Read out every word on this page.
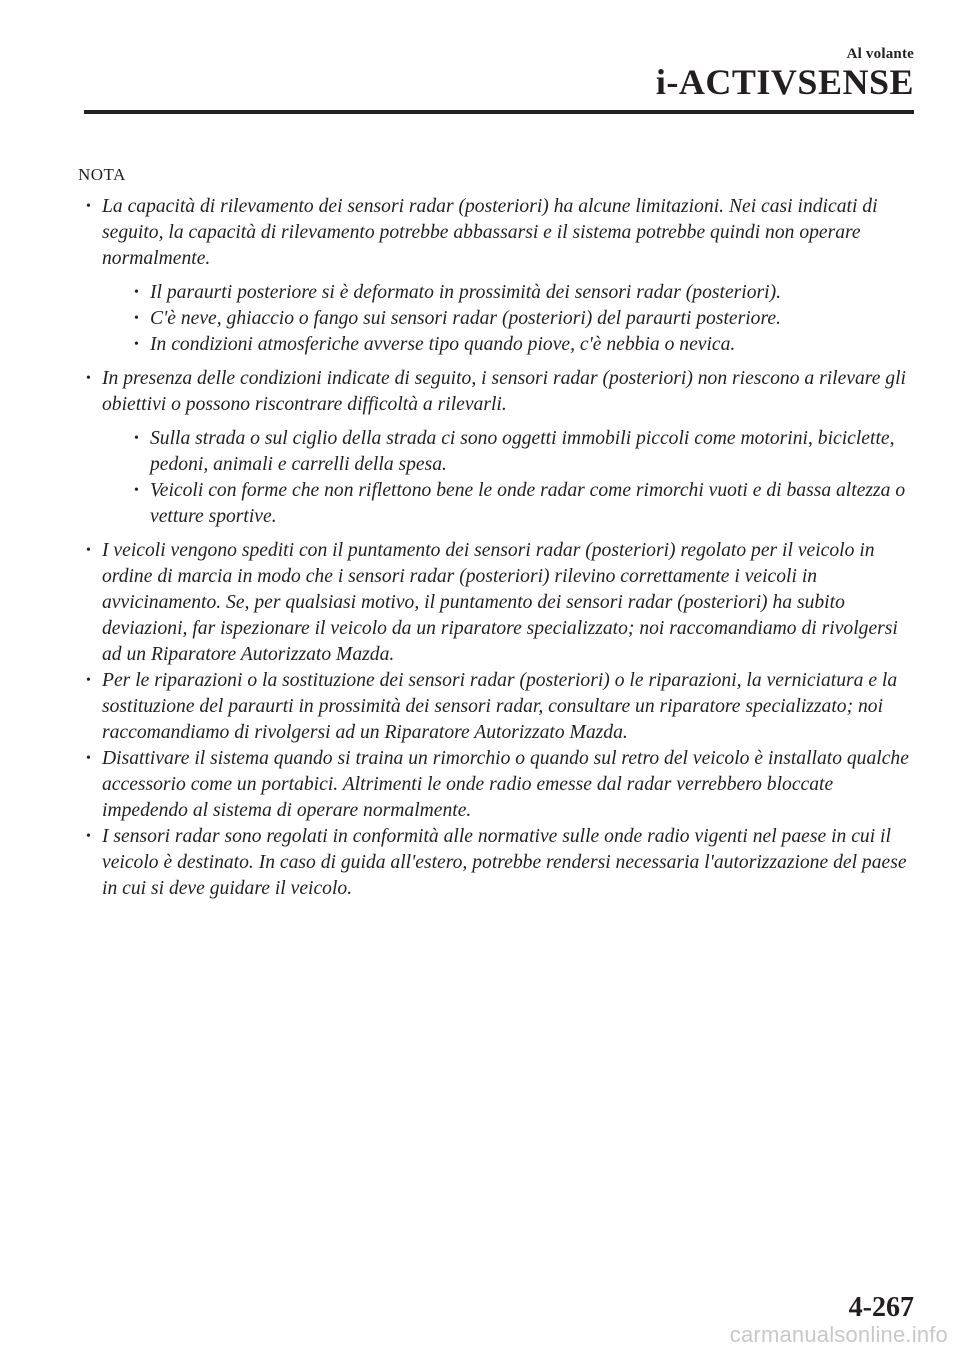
Al volante
i-ACTIVSENSE
NOTA
• La capacità di rilevamento dei sensori radar (posteriori) ha alcune limitazioni. Nei casi indicati di seguito, la capacità di rilevamento potrebbe abbassarsi e il sistema potrebbe quindi non operare normalmente.
• Il paraurti posteriore si è deformato in prossimità dei sensori radar (posteriori).
• C'è neve, ghiaccio o fango sui sensori radar (posteriori) del paraurti posteriore.
• In condizioni atmosferiche avverse tipo quando piove, c'è nebbia o nevica.
• In presenza delle condizioni indicate di seguito, i sensori radar (posteriori) non riescono a rilevare gli obiettivi o possono riscontrare difficoltà a rilevarli.
• Sulla strada o sul ciglio della strada ci sono oggetti immobili piccoli come motorini, biciclette, pedoni, animali e carrelli della spesa.
• Veicoli con forme che non riflettono bene le onde radar come rimorchi vuoti e di bassa altezza o vetture sportive.
• I veicoli vengono spediti con il puntamento dei sensori radar (posteriori) regolato per il veicolo in ordine di marcia in modo che i sensori radar (posteriori) rilevino correttamente i veicoli in avvicinamento. Se, per qualsiasi motivo, il puntamento dei sensori radar (posteriori) ha subito deviazioni, far ispezionare il veicolo da un riparatore specializzato; noi raccomandiamo di rivolgersi ad un Riparatore Autorizzato Mazda.
• Per le riparazioni o la sostituzione dei sensori radar (posteriori) o le riparazioni, la verniciatura e la sostituzione del paraurti in prossimità dei sensori radar, consultare un riparatore specializzato; noi raccomandiamo di rivolgersi ad un Riparatore Autorizzato Mazda.
• Disattivare il sistema quando si traina un rimorchio o quando sul retro del veicolo è installato qualche accessorio come un portabici. Altrimenti le onde radio emesse dal radar verrebbero bloccate impedendo al sistema di operare normalmente.
• I sensori radar sono regolati in conformità alle normative sulle onde radio vigenti nel paese in cui il veicolo è destinato. In caso di guida all'estero, potrebbe rendersi necessaria l'autorizzazione del paese in cui si deve guidare il veicolo.
4-267
carmanualsonline.info
